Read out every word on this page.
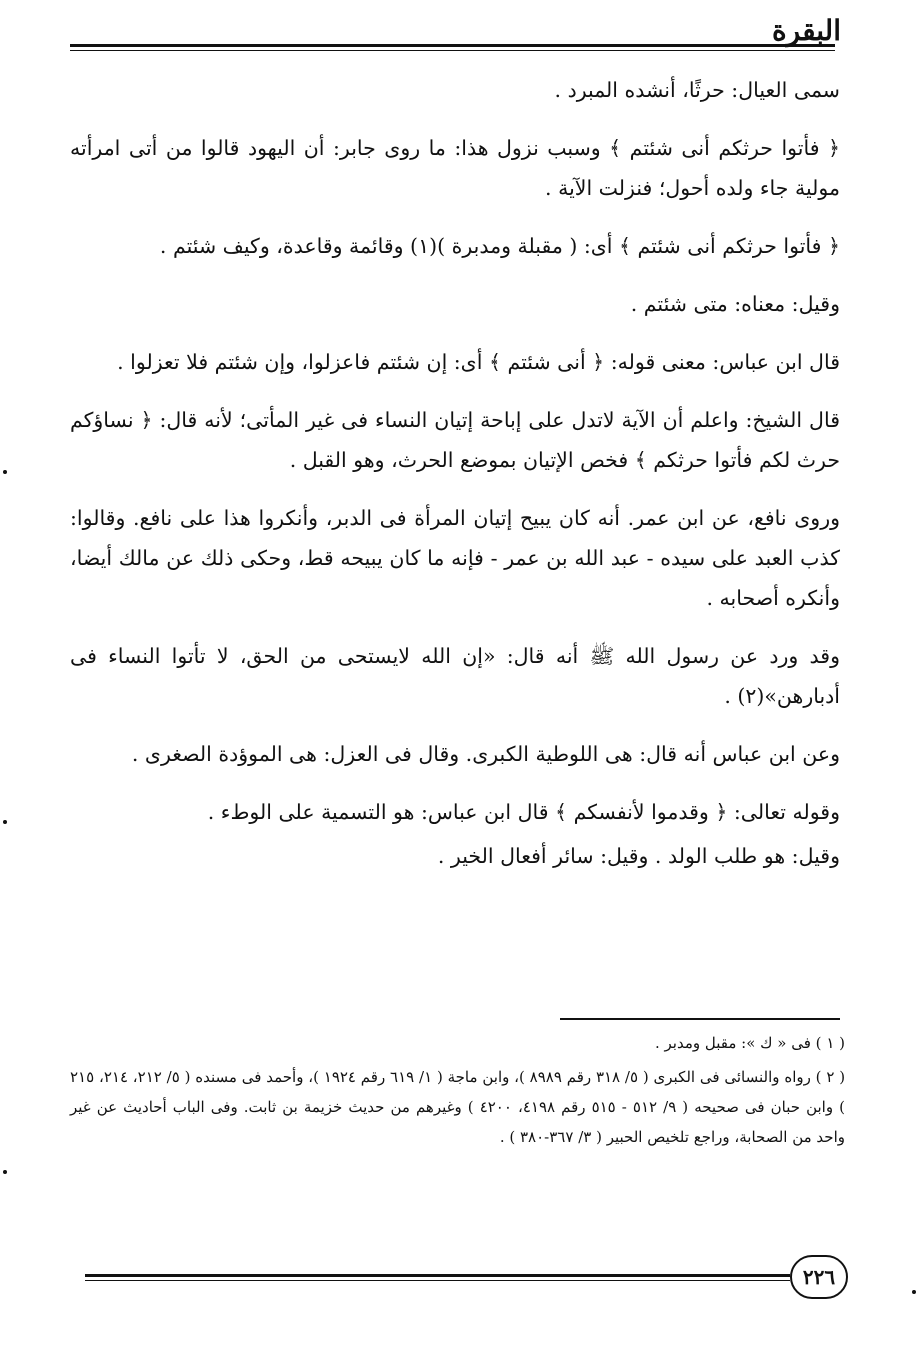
البقرة

سمى العيال: حرثًا، أنشده المبرد .

﴿ فأتوا حرثكم أنى شئتم ﴾ وسبب نزول هذا: ما روى جابر: أن اليهود قالوا من أتى امرأته مولية جاء ولده أحول؛ فنزلت الآية .

﴿ فأتوا حرثكم أنى شئتم ﴾ أى: ( مقبلة ومدبرة )(١) وقائمة وقاعدة، وكيف شئتم .

وقيل: معناه: متى شئتم .

قال ابن عباس: معنى قوله: ﴿ أنى شئتم ﴾ أى: إن شئتم فاعزلوا، وإن شئتم فلا تعزلوا .

قال الشيخ: واعلم أن الآية لاتدل على إباحة إتيان النساء فى غير المأتى؛ لأنه قال: ﴿ نساؤكم حرث لكم فأتوا حرثكم ﴾ فخص الإتيان بموضع الحرث، وهو القبل .

وروى نافع، عن ابن عمر. أنه كان يبيح إتيان المرأة فى الدبر، وأنكروا هذا على نافع. وقالوا: كذب العبد على سيده - عبد الله بن عمر - فإنه ما كان يبيحه قط، وحكى ذلك عن مالك أيضا، وأنكره أصحابه .

وقد ورد عن رسول الله ﷺ أنه قال: «إن الله لايستحى من الحق، لا تأتوا النساء فى أدبارهن»(٢) .

وعن ابن عباس أنه قال: هى اللوطية الكبرى. وقال فى العزل: هى الموؤدة الصغرى .

وقوله تعالى: ﴿ وقدموا لأنفسكم ﴾ قال ابن عباس: هو التسمية على الوطء .

وقيل: هو طلب الولد . وقيل: سائر أفعال الخير .

( ١ ) فى « ك »: مقبل ومدبر .

( ٢ ) رواه والنسائى فى الكبرى ( ٥/ ٣١٨ رقم ٨٩٨٩ )، وابن ماجة ( ١/ ٦١٩ رقم ١٩٢٤ )، وأحمد فى مسنده ( ٥/ ٢١٢، ٢١٤، ٢١٥ ) وابن حبان فى صحيحه ( ٩/ ٥١٢ - ٥١٥ رقم ٤١٩٨، ٤٢٠٠ ) وغيرهم من حديث خزيمة بن ثابت. وفى الباب أحاديث عن غير واحد من الصحابة، وراجع تلخيص الحبير ( ٣/ ٣٦٧-٣٨٠ ) .

٢٢٦
